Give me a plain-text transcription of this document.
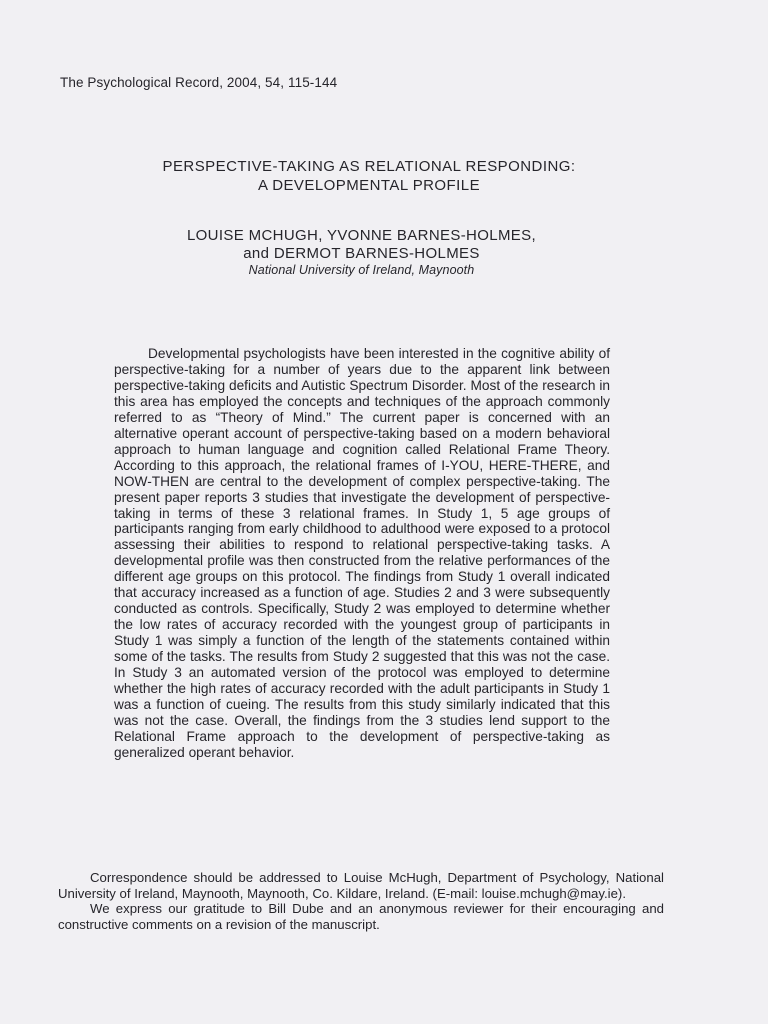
The Psychological Record, 2004, 54, 115-144
PERSPECTIVE-TAKING AS RELATIONAL RESPONDING:
A DEVELOPMENTAL PROFILE
LOUISE MCHUGH, YVONNE BARNES-HOLMES,
and DERMOT BARNES-HOLMES
National University of Ireland, Maynooth

Developmental psychologists have been interested in the cognitive ability of perspective-taking for a number of years due to the apparent link between perspective-taking deficits and Autistic Spectrum Disorder. Most of the research in this area has employed the concepts and techniques of the approach commonly referred to as “Theory of Mind.” The current paper is concerned with an alternative operant account of perspective-taking based on a modern behavioral approach to human language and cognition called Relational Frame Theory. According to this approach, the relational frames of I-YOU, HERE-THERE, and NOW-THEN are central to the development of complex perspective-taking. The present paper reports 3 studies that investigate the development of perspective-taking in terms of these 3 relational frames. In Study 1, 5 age groups of participants ranging from early childhood to adulthood were exposed to a protocol assessing their abilities to respond to relational perspective-taking tasks. A developmental profile was then constructed from the relative performances of the different age groups on this protocol. The findings from Study 1 overall indicated that accuracy increased as a function of age. Studies 2 and 3 were subsequently conducted as controls. Specifically, Study 2 was employed to determine whether the low rates of accuracy recorded with the youngest group of participants in Study 1 was simply a function of the length of the statements contained within some of the tasks. The results from Study 2 suggested that this was not the case. In Study 3 an automated version of the protocol was employed to determine whether the high rates of accuracy recorded with the adult participants in Study 1 was a function of cueing. The results from this study similarly indicated that this was not the case. Overall, the findings from the 3 studies lend support to the Relational Frame approach to the development of perspective-taking as generalized operant behavior.

Correspondence should be addressed to Louise McHugh, Department of Psychology, National University of Ireland, Maynooth, Maynooth, Co. Kildare, Ireland. (E-mail: louise.mchugh@may.ie).

We express our gratitude to Bill Dube and an anonymous reviewer for their encouraging and constructive comments on a revision of the manuscript.
